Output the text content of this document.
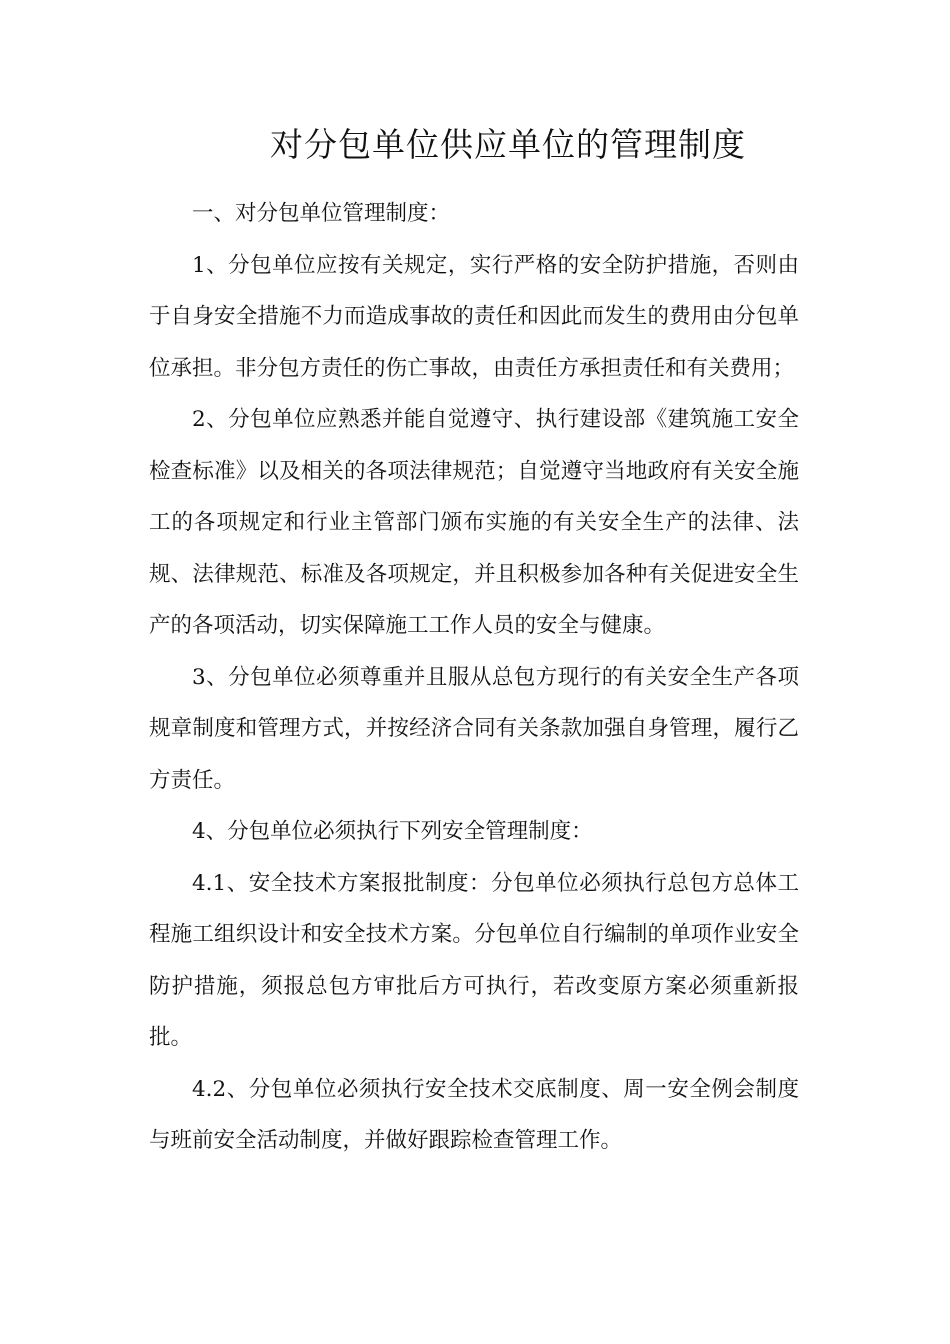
对分包单位供应单位的管理制度

一、对分包单位管理制度：

1、分包单位应按有关规定，实行严格的安全防护措施，否则由于自身安全措施不力而造成事故的责任和因此而发生的费用由分包单位承担。非分包方责任的伤亡事故，由责任方承担责任和有关费用；

2、分包单位应熟悉并能自觉遵守、执行建设部《建筑施工安全检查标准》以及相关的各项法律规范；自觉遵守当地政府有关安全施工的各项规定和行业主管部门颁布实施的有关安全生产的法律、法规、法律规范、标准及各项规定，并且积极参加各种有关促进安全生产的各项活动，切实保障施工工作人员的安全与健康。

3、分包单位必须尊重并且服从总包方现行的有关安全生产各项规章制度和管理方式，并按经济合同有关条款加强自身管理，履行乙方责任。

4、分包单位必须执行下列安全管理制度：

4.1、安全技术方案报批制度：分包单位必须执行总包方总体工程施工组织设计和安全技术方案。分包单位自行编制的单项作业安全防护措施，须报总包方审批后方可执行，若改变原方案必须重新报批。

4.2、分包单位必须执行安全技术交底制度、周一安全例会制度与班前安全活动制度，并做好跟踪检查管理工作。
